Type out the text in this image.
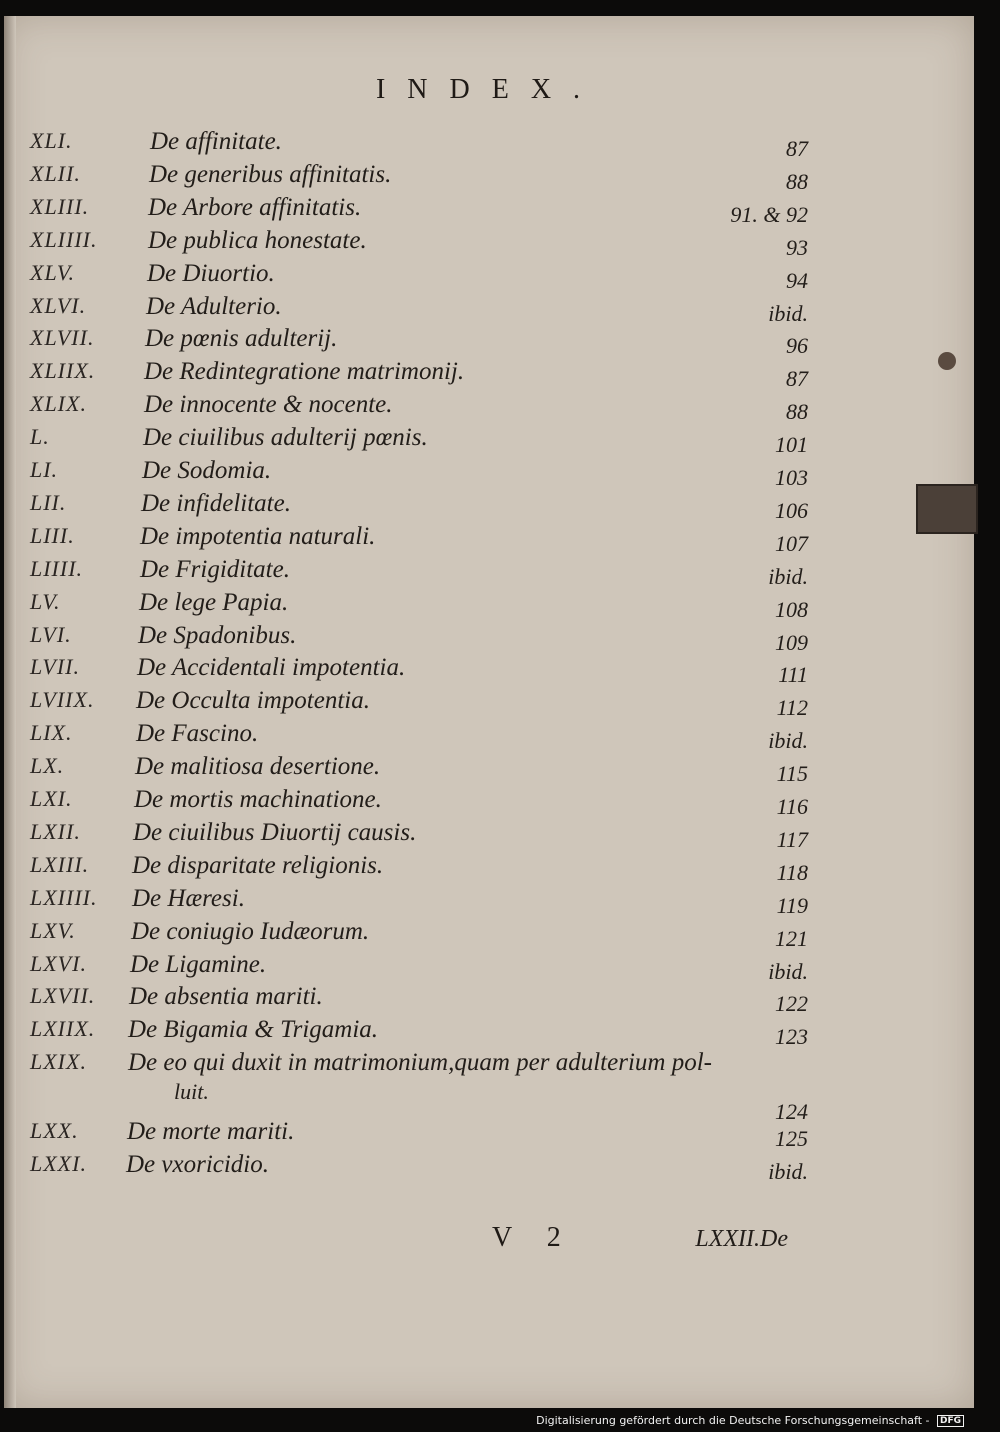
INDEX.
XLI.	De affinitate.	87
XLII.	De generibus affinitatis.	88
XLIII. De Arbore affinitatis.	91. & 92
XLIIII. De publica honestate.	93
XLV.	De Diuortio.	94
XLVI. De Adulterio.	ibid.
XLVII. De pœnis adulterij.	96
XLIIX. De Redintegratione matrimonij.	87
XLIX. De innocente & nocente.	88
L.	De ciuilibus adulterij pœnis.	101
LI.	De Sodomia.	103
LII.	De infidelitate.	106
LIII.	De impotentia naturali.	107
LIIII. De Frigiditate.	ibid.
LV.	De lege Papia.	108
LVI.	De Spadonibus.	109
LVII. De Accidentali impotentia.	111
LVIIX. De Occulta impotentia.	112
LIX.	De Fascino.	ibid.
LX.	De malitiosa desertione.	115
LXI. De mortis machinatione.	116
LXII. De ciuilibus Diuortij causis.	117
LXIII. De disparitate religionis.	118
LXIIII. De Hæresi.	119
LXV. De coniugio Iudæorum.	121
LXVI. De Ligamine.	ibid.
LXVII. De absentia mariti.	122
LXIIX. De Bigamia & Trigamia.	123
LXIX. De eo qui duxit in matrimonium,quam per adulterium pol-
luit.
124
LXX. De morte mariti.	125
LXXI. De vxoricidio.	ibid.
V 2	LXXII.De
Digitalisierung gefördert durch die Deutsche Forschungsgemeinschaft - DFG
